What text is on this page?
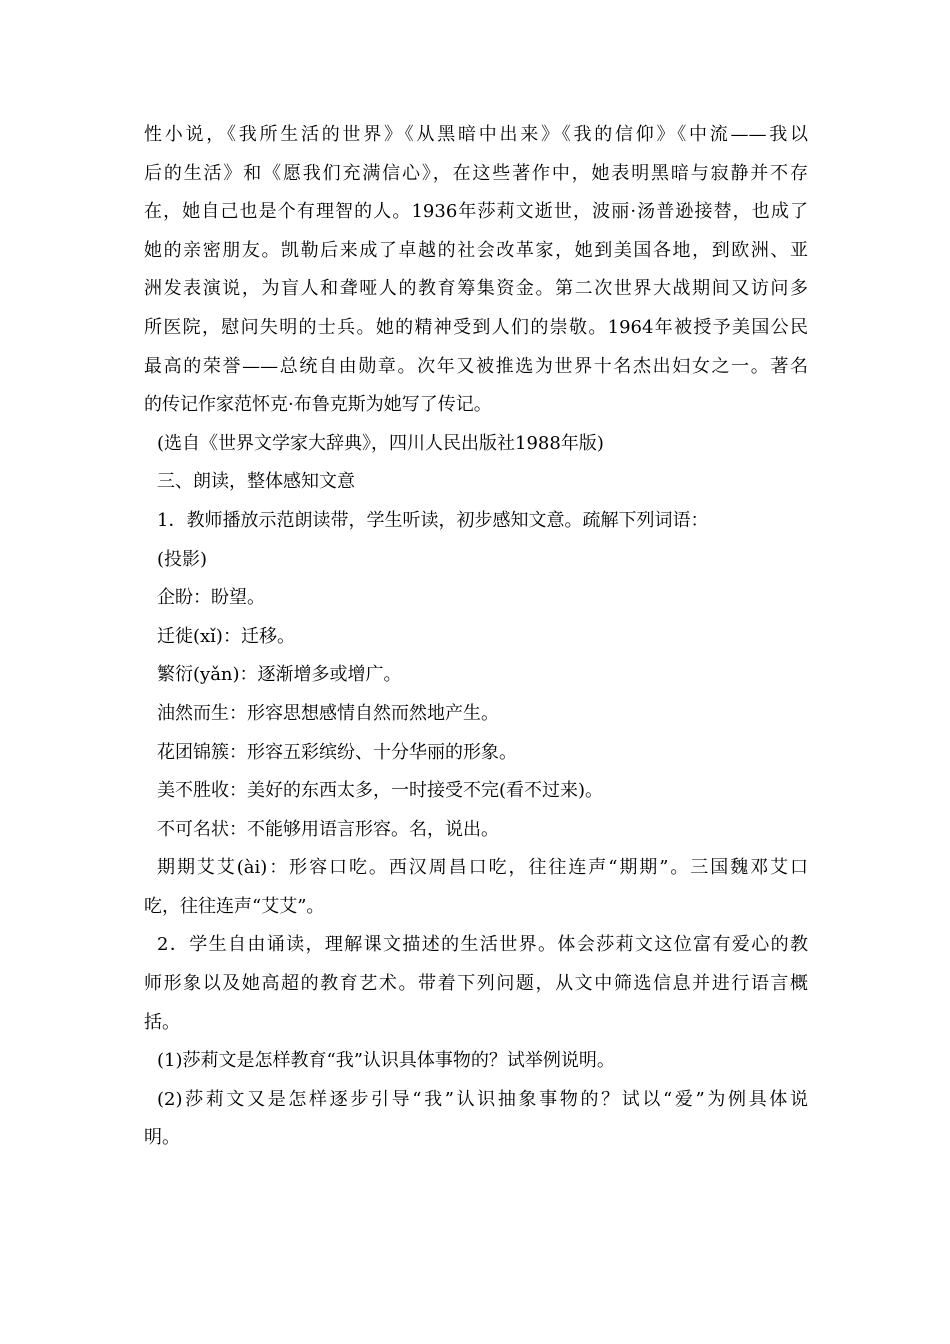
性小说，《我所生活的世界》《从黑暗中出来》《我的信仰》《中流——我以
后的生活》和《愿我们充满信心》，在这些著作中，她表明黑暗与寂静并不存
在，她自己也是个有理智的人。1936年莎莉文逝世，波丽·汤普逊接替，也成了
她的亲密朋友。凯勒后来成了卓越的社会改革家，她到美国各地，到欧洲、亚
洲发表演说，为盲人和聋哑人的教育筹集资金。第二次世界大战期间又访问多
所医院，慰问失明的士兵。她的精神受到人们的崇敬。1964年被授予美国公民
最高的荣誉——总统自由勋章。次年又被推选为世界十名杰出妇女之一。著名
的传记作家范怀克·布鲁克斯为她写了传记。
(选自《世界文学家大辞典》，四川人民出版社1988年版)
三、朗读，整体感知文意
1．教师播放示范朗读带，学生听读，初步感知文意。疏解下列词语：
(投影)
企盼：盼望。
迁徙(xǐ)：迁移。
繁衍(yǎn)：逐渐增多或增广。
油然而生：形容思想感情自然而然地产生。
花团锦簇：形容五彩缤纷、十分华丽的形象。
美不胜收：美好的东西太多，一时接受不完(看不过来)。
不可名状：不能够用语言形容。名，说出。
期期艾艾(ài)：形容口吃。西汉周昌口吃，往往连声“期期”。三国魏邓艾口
吃，往往连声“艾艾”。
2．学生自由诵读，理解课文描述的生活世界。体会莎莉文这位富有爱心的教
师形象以及她高超的教育艺术。带着下列问题，从文中筛选信息并进行语言概
括。
(1)莎莉文是怎样教育“我”认识具体事物的？试举例说明。
(2)莎莉文又是怎样逐步引导“我”认识抽象事物的？试以“爱”为例具体说
明。
